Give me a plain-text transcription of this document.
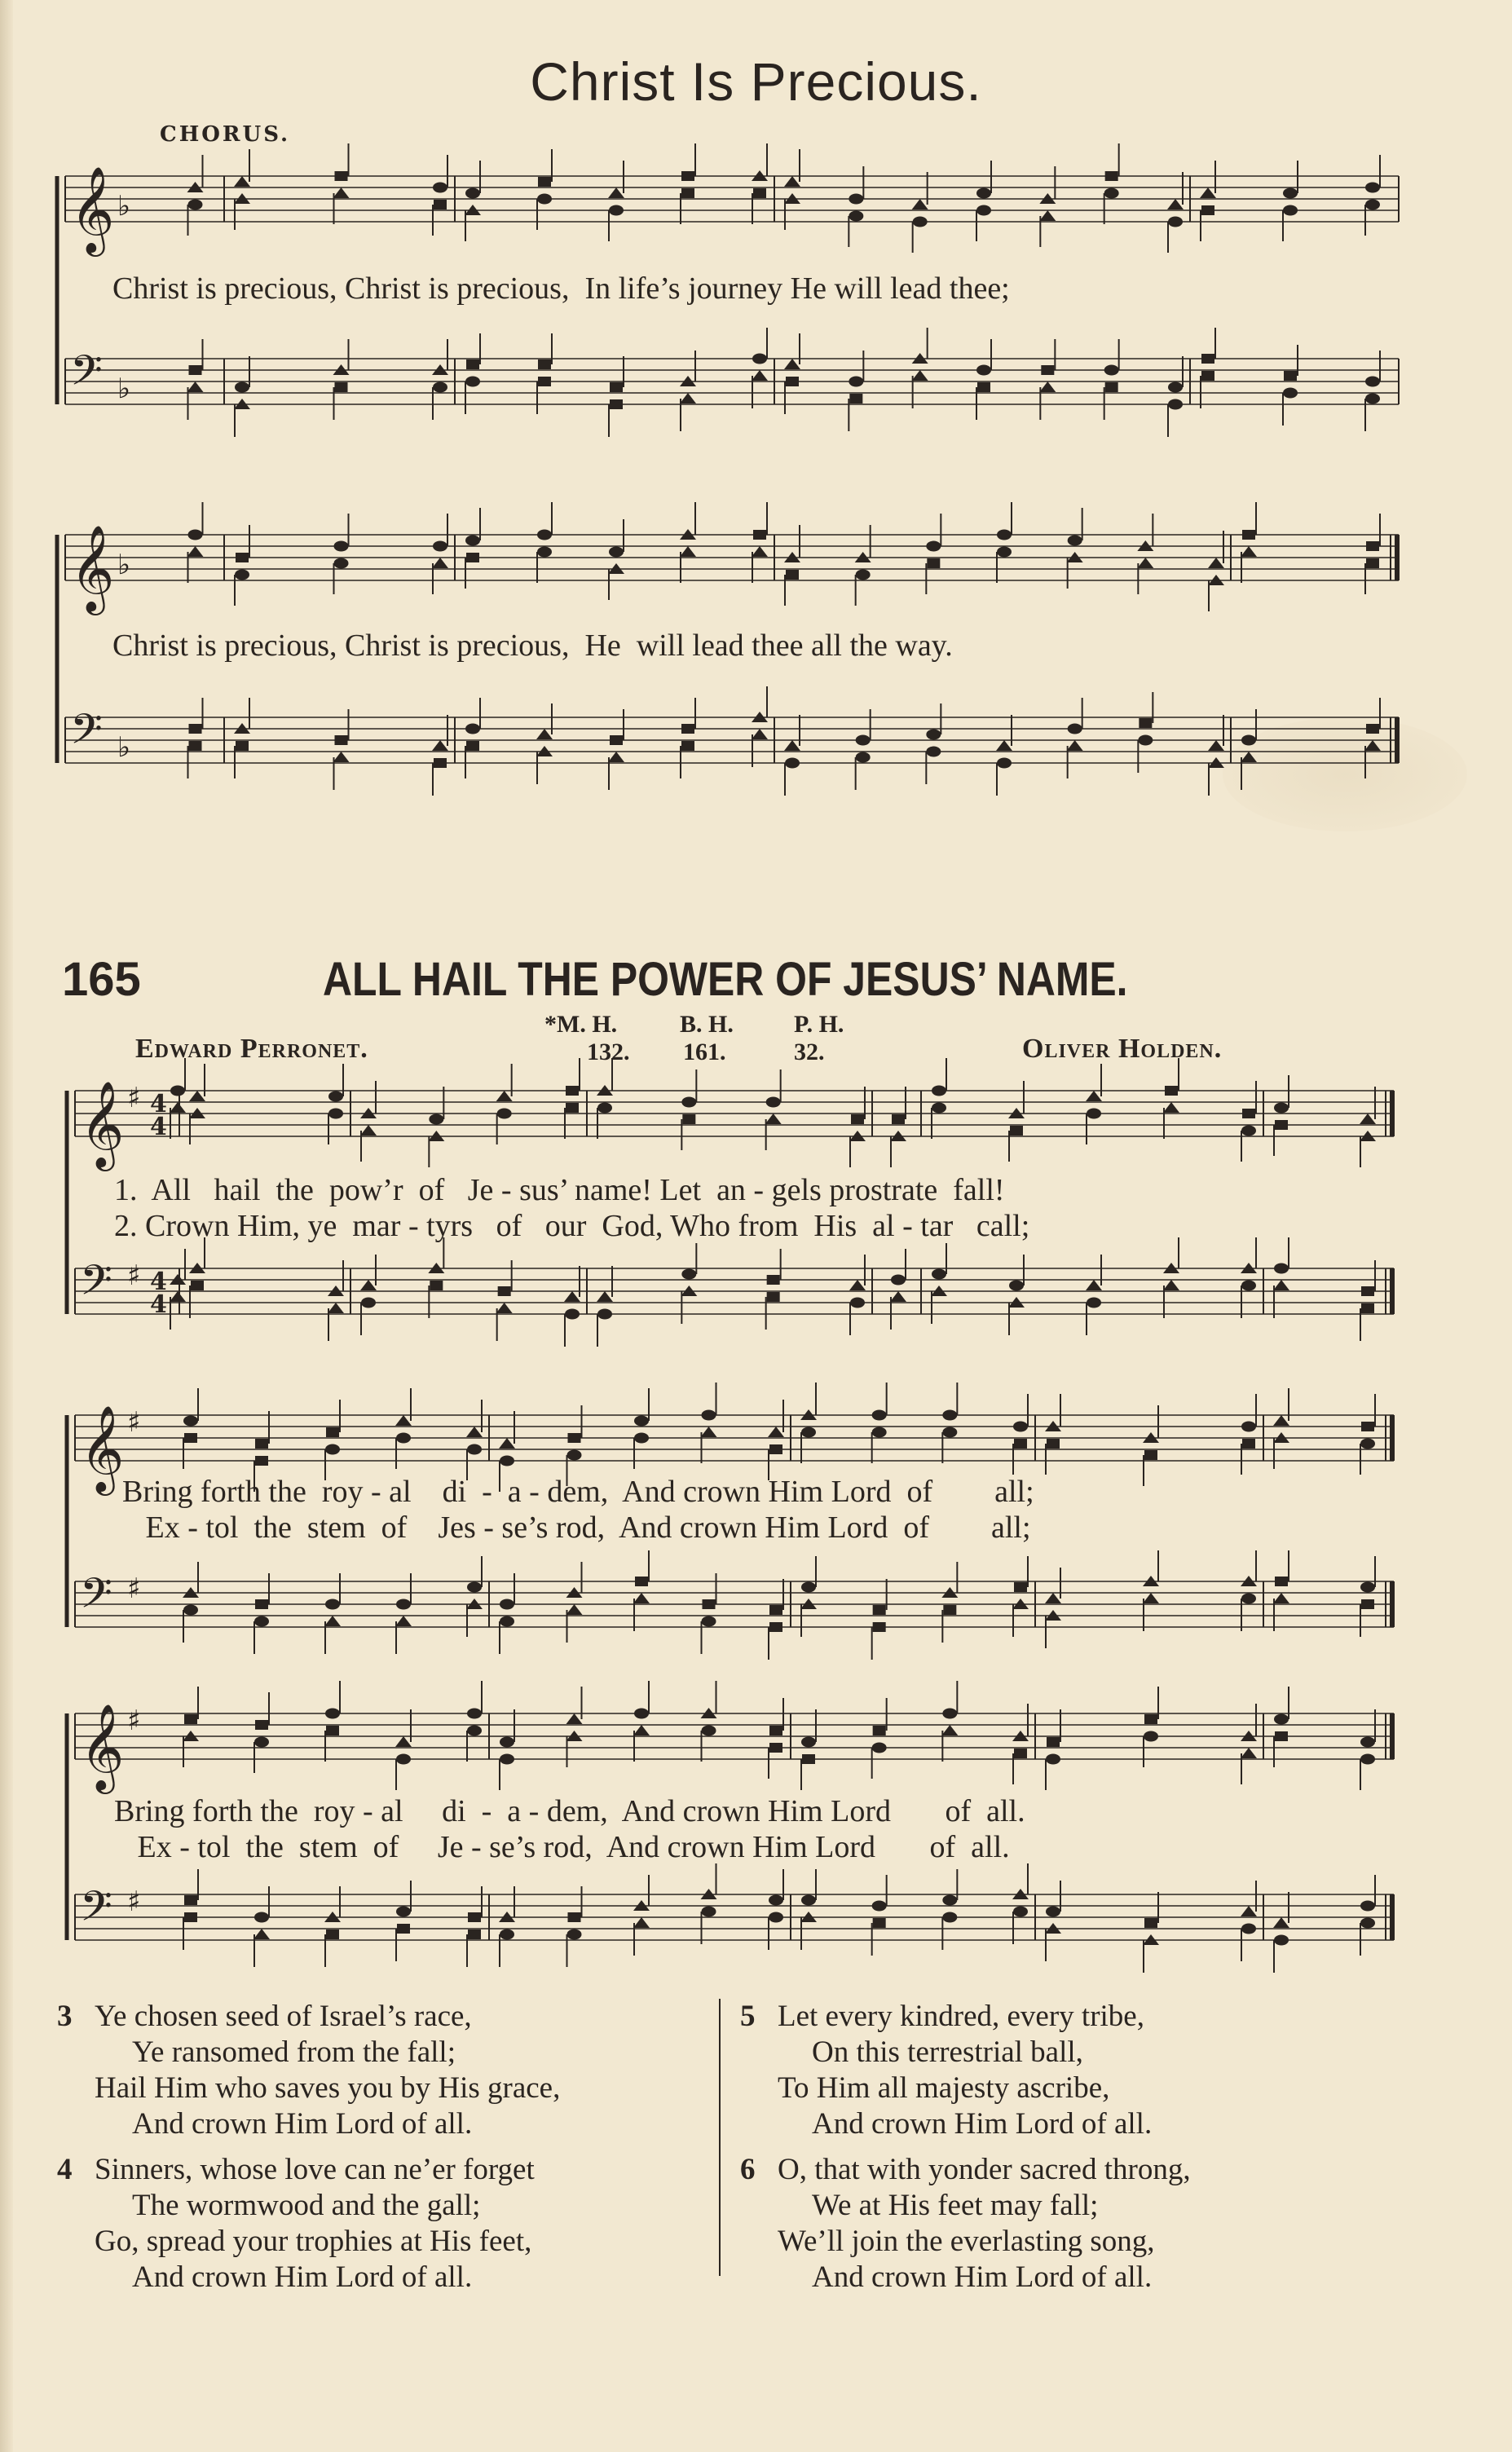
Christ Is Precious.
CHORUS.
𝄞 ♭
𝄢 ♭
Christ is precious, Christ is precious,  In life’s journey He will lead thee;
𝄞 ♭
𝄢 ♭
Christ is precious, Christ is precious,  He  will lead thee all the way.
165	ALL HAIL THE POWER OF JESUS’ NAME.
*M. H.	B. H. P. H.
132. 161.	32.
Edward Perronet.	Oliver Holden.
𝄞 ♯ 4
4
𝄢 ♯ 4
4
1.  All   hail  the  pow’r  of   Je - sus’ name! Let  an - gels prostrate  fall!
2. Crown Him, ye  mar - tyrs   of   our  God, Who from  His  al - tar   call;
𝄞 ♯
𝄢 ♯
Bring forth the  roy - al    di  -  a - dem,  And crown Him Lord  of        all;
Ex - tol  the  stem  of    Jes - se’s rod,  And crown Him Lord  of        all;
𝄞 ♯
𝄢 ♯
Bring forth the  roy - al     di  -  a - dem,  And crown Him Lord       of  all.
Ex - tol  the  stem  of     Je - se’s rod,  And crown Him Lord       of  all.
3 Ye chosen seed of Israel’s race,
Ye ransomed from the fall;
Hail Him who saves you by His grace,
And crown Him Lord of all.
4 Sinners, whose love can ne’er forget
The wormwood and the gall;
Go, spread your trophies at His feet,
And crown Him Lord of all.
5 Let every kindred, every tribe,
On this terrestrial ball,
To Him all majesty ascribe,
And crown Him Lord of all.
6 O, that with yonder sacred throng,
We at His feet may fall;
We’ll join the everlasting song,
And crown Him Lord of all.
